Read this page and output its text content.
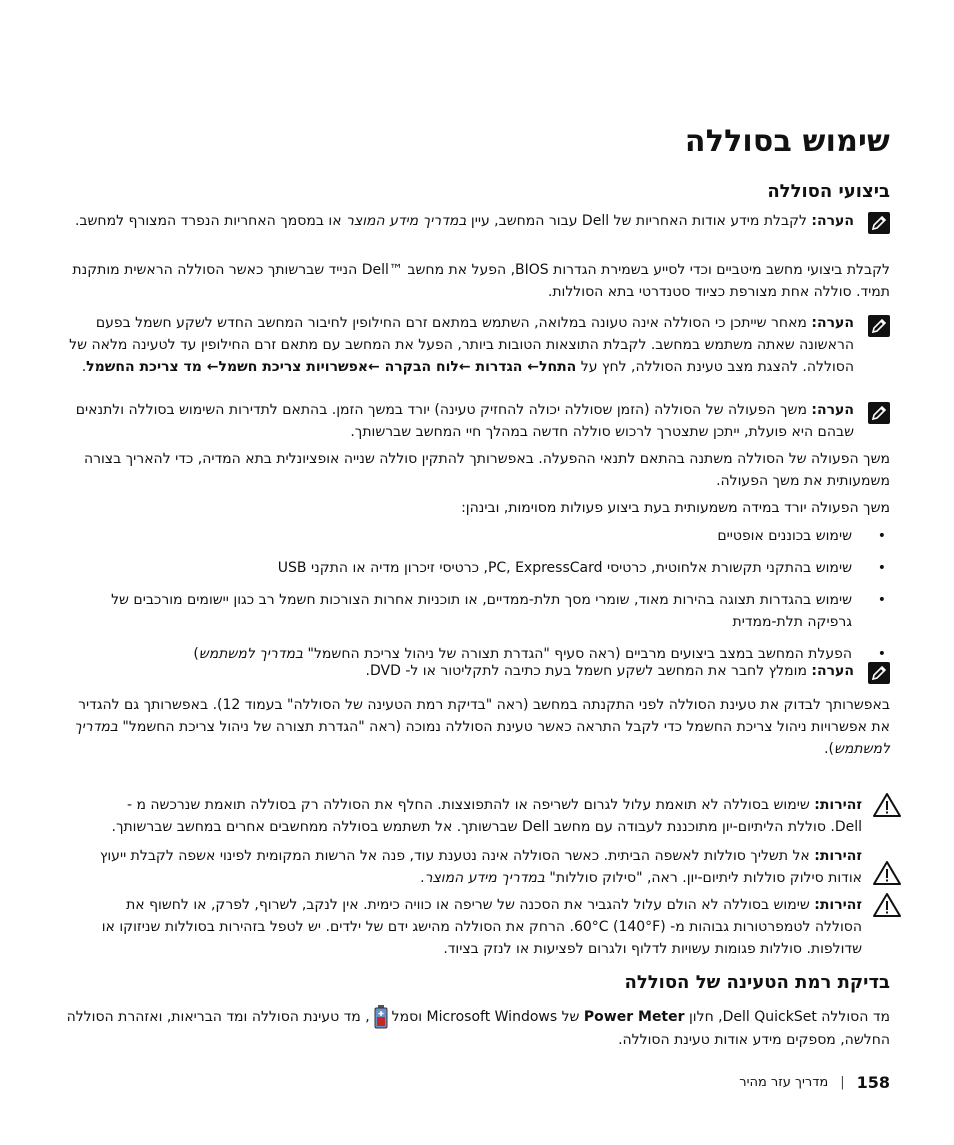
שימוש בסוללה
ביצועי הסוללה
הערה: לקבלת מידע אודות האחריות של Dell עבור המחשב, עיין במדריך מידע המוצר או במסמך האחריות הנפרד המצורף למחשב.
לקבלת ביצועי מחשב מיטביים וכדי לסייע בשמירת הגדרות BIOS, הפעל את מחשב ™Dell הנייד שברשותך כאשר הסוללה הראשית מותקנת תמיד. סוללה אחת מצורפת כציוד סטנדרטי בתא הסוללות.
הערה: מאחר שייתכן כי הסוללה אינה טעונה במלואה, השתמש במתאם זרם החילופין לחיבור המחשב החדש לשקע חשמל בפעם הראשונה שאתה משתמש במחשב. לקבלת התוצאות הטובות ביותר, הפעל את המחשב עם מתאם זרם החילופין עד לטעינה מלאה של הסוללה. להצגת מצב טעינת הסוללה, לחץ על התחל← הגדרות ←לוח הבקרה ←אפשרויות צריכת חשמל← מד צריכת החשמל.
הערה: משך הפעולה של הסוללה (הזמן שסוללה יכולה להחזיק טעינה) יורד במשך הזמן. בהתאם לתדירות השימוש בסוללה ולתנאים שבהם היא פועלת, ייתכן שתצטרך לרכוש סוללה חדשה במהלך חיי המחשב שברשותך.
משך הפעולה של הסוללה משתנה בהתאם לתנאי ההפעלה. באפשרותך להתקין סוללה שנייה אופציונלית בתא המדיה, כדי להאריך בצורה משמעותית את משך הפעולה.
משך הפעולה יורד במידה משמעותית בעת ביצוע פעולות מסוימות, ובינהן:
• שימוש בכוננים אופטיים
• שימוש בהתקני תקשורת אלחוטית, כרטיסי PC, ExpressCard, כרטיסי זיכרון מדיה או התקני USB
• שימוש בהגדרות תצוגה בהירות מאוד, שומרי מסך תלת-ממדיים, או תוכניות אחרות הצורכות חשמל רב כגון יישומים מורכבים של גרפיקה תלת-ממדית
• הפעלת המחשב במצב ביצועים מרביים (ראה סעיף "הגדרת תצורה של ניהול צריכת החשמל" במדריך למשתמש)
הערה: מומלץ לחבר את המחשב לשקע חשמל בעת כתיבה לתקליטור או ל- DVD.
באפשרותך לבדוק את טעינת הסוללה לפני התקנתה במחשב (ראה "בדיקת רמת הטעינה של הסוללה" בעמוד 12). באפשרותך גם להגדיר את אפשרויות ניהול צריכת החשמל כדי לקבל התראה כאשר טעינת הסוללה נמוכה (ראה "הגדרת תצורה של ניהול צריכת החשמל" במדריך למשתמש).
זהירות: שימוש בסוללה לא תואמת עלול לגרום לשריפה או להתפוצצות. החלף את הסוללה רק בסוללה תואמת שנרכשה מ - Dell. סוללת הליתיום-יון מתוכננת לעבודה עם מחשב Dell שברשותך. אל תשתמש בסוללה ממחשבים אחרים במחשב שברשותך.
זהירות: אל תשליך סוללות לאשפה הביתית. כאשר הסוללה אינה נטענת עוד, פנה אל הרשות המקומית לפינוי אשפה לקבלת ייעוץ אודות סילוק סוללות ליתיום-יון. ראה, "סילוק סוללות" במדריך מידע המוצר.
זהירות: שימוש בסוללה לא הולם עלול להגביר את הסכנה של שריפה או כוויה כימית. אין לנקב, לשרוף, לפרק, או לחשוף את הסוללה לטמפרטורות גבוהות מ- 60°C (140°F). הרחק את הסוללה מהישג ידם של ילדים. יש לטפל בזהירות בסוללות שניזוקו או שדולפות. סוללות פגומות עשויות לדלוף ולגרום לפציעות או לנזק בציוד.
בדיקת רמת הטעינה של הסוללה
מד הסוללה Dell QuickSet, חלון Power Meter של Microsoft Windows וסמל, מד טעינת הסוללה ומד הבריאות, ואזהרת הסוללה החלשה, מספקים מידע אודות טעינת הסוללה.
158
|
מדריך עזר מהיר
